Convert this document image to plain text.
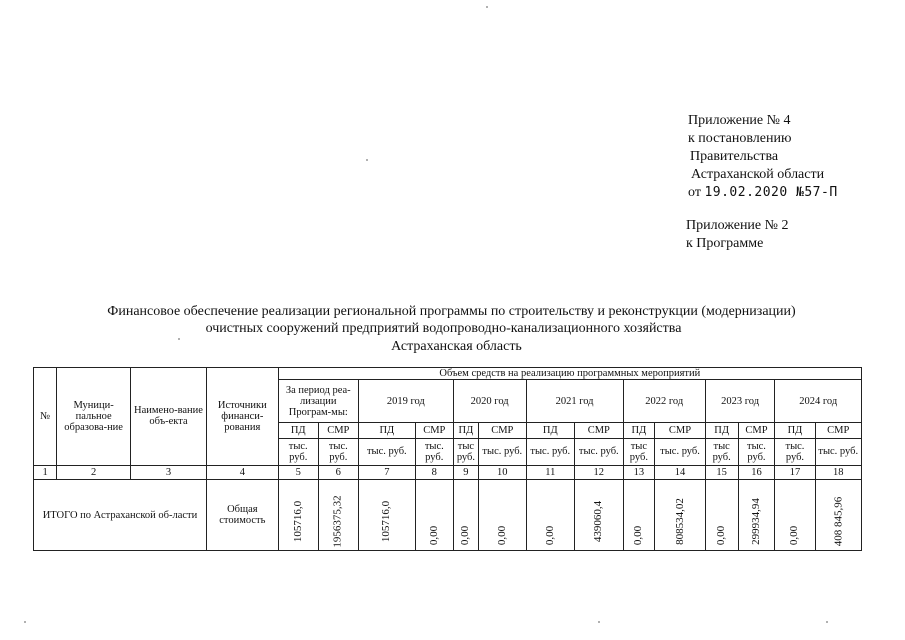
Приложение № 4
к постановлению
Правительства
Астраханской области
от 19.02.2020 №57-П
Приложение № 2
к Программе
Финансовое обеспечение реализации региональной программы по строительству и реконструкции (модернизации)
очистных сооружений предприятий водопроводно-канализационного хозяйства
Астраханская область
№	Муници-пальное образова-ние	Наимено-вание объ-екта	Источники финанси-рования	Объем средств на реализацию программных мероприятий													
				За период реа-лизации Програм-мы:		2019 год		2020 год		2021 год		2022 год		2023 год		2024 год	
				ПД	СМР	ПД	СМР	ПД	СМР	ПД	СМР	ПД	СМР	ПД	СМР	ПД	СМР
				тыс. руб.	тыс. руб.	тыс. руб.	тыс. руб.	тыс руб.	тыс. руб.	тыс. руб.	тыс. руб.	тыс руб.	тыс. руб.	тыс руб.	тыс. руб.	тыс. руб.	тыс. руб.
1	2	3	4	5	6	7	8	9	10	11	12	13	14	15	16	17	18
ИТОГО по Астраханской об-ласти			Общая стоимость	105716,0	1956375,32	105716,0	0,00	0,00	0,00	0,00	439060,4	0,00	808534,02	0,00	299934,94	0,00	408 845,96
